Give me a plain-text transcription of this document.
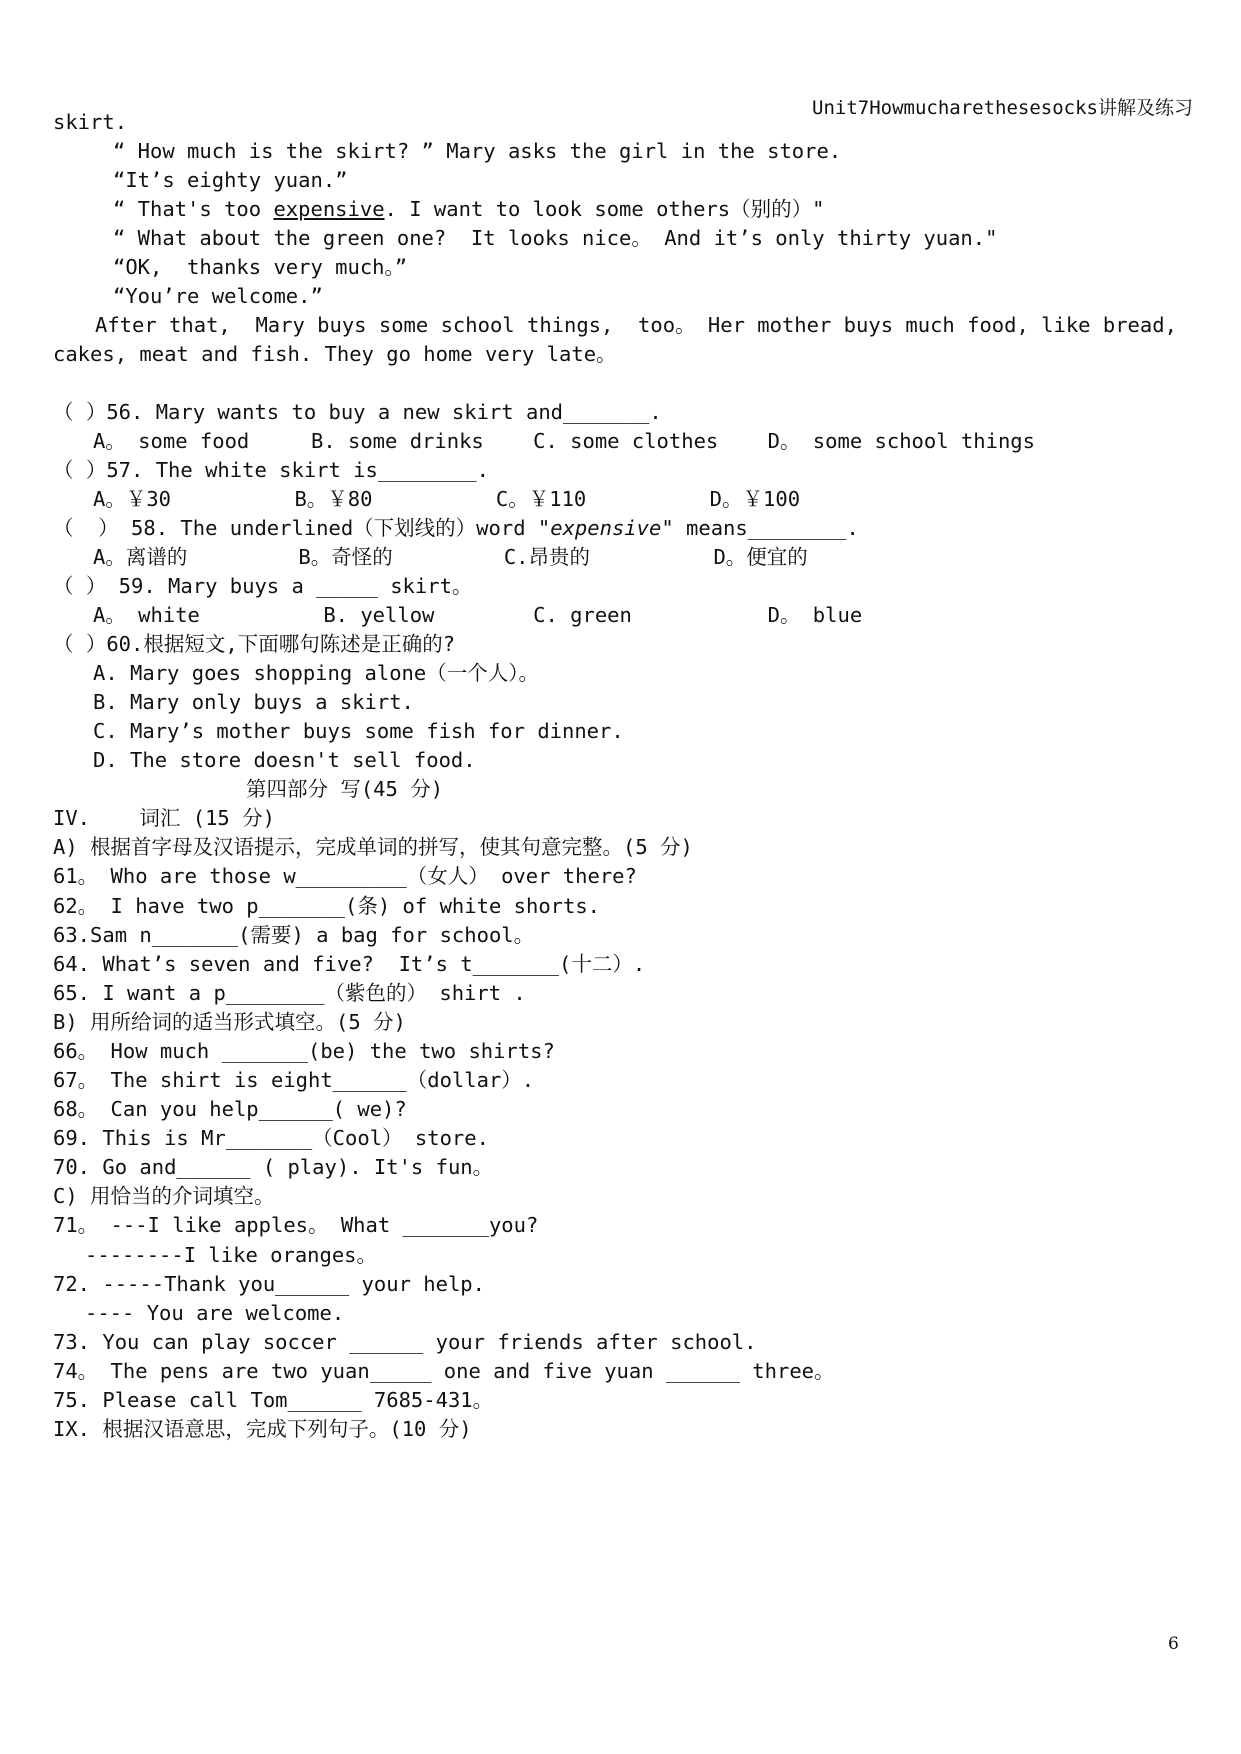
Unit7Howmucharethesesocks讲解及练习
skirt.
“ How much is the skirt? ” Mary asks the girl in the store.
“It’s eighty yuan.”
“ That's too expensive. I want to look some others（别的）"
“ What about the green one?  It looks nice。 And it’s only thirty yuan."
“OK,  thanks very much。”
“You’re welcome.”
After that,  Mary buys some school things,  too。 Her mother buys much food, like bread,
cakes, meat and fish. They go home very late。
（ ）56. Mary wants to buy a new skirt and_______.
A。 some food     B. some drinks    C. some clothes    D。 some school things
（ ）57. The white skirt is________.
A。￥30          B。￥80          C。￥110          D。￥100
（  ） 58. The underlined（下划线的）word "expensive" means________.
A。离谱的         B。奇怪的         C.昂贵的          D。便宜的
（ ） 59. Mary buys a _____ skirt。
A。 white          B. yellow        C. green           D。 blue
（ ）60.根据短文,下面哪句陈述是正确的?
A. Mary goes shopping alone（一个人）。
B. Mary only buys a skirt.
C. Mary’s mother buys some fish for dinner.
D. The store doesn't sell food.
第四部分 写(45 分)
IV.    词汇 (15 分)
A) 根据首字母及汉语提示，完成单词的拼写，使其句意完整。(5 分)
61。 Who are those w_________（女人） over there?
62。 I have two p_______(条) of white shorts.
63.Sam n_______(需要) a bag for school。
64. What’s seven and five?  It’s t_______(十二）.
65. I want a p________（紫色的） shirt .
B) 用所给词的适当形式填空。(5 分)
66。 How much _______(be) the two shirts?
67。 The shirt is eight______（dollar）.
68。 Can you help______( we)?
69. This is Mr_______（Cool） store.
70. Go and______ ( play). It's fun。
C) 用恰当的介词填空。
71。 ---I like apples。 What _______you?
--------I like oranges。
72. -----Thank you______ your help.
---- You are welcome.
73. You can play soccer ______ your friends after school.
74。 The pens are two yuan_____ one and five yuan ______ three。
75. Please call Tom______ 7685-431。
IX. 根据汉语意思，完成下列句子。(10 分)
6
